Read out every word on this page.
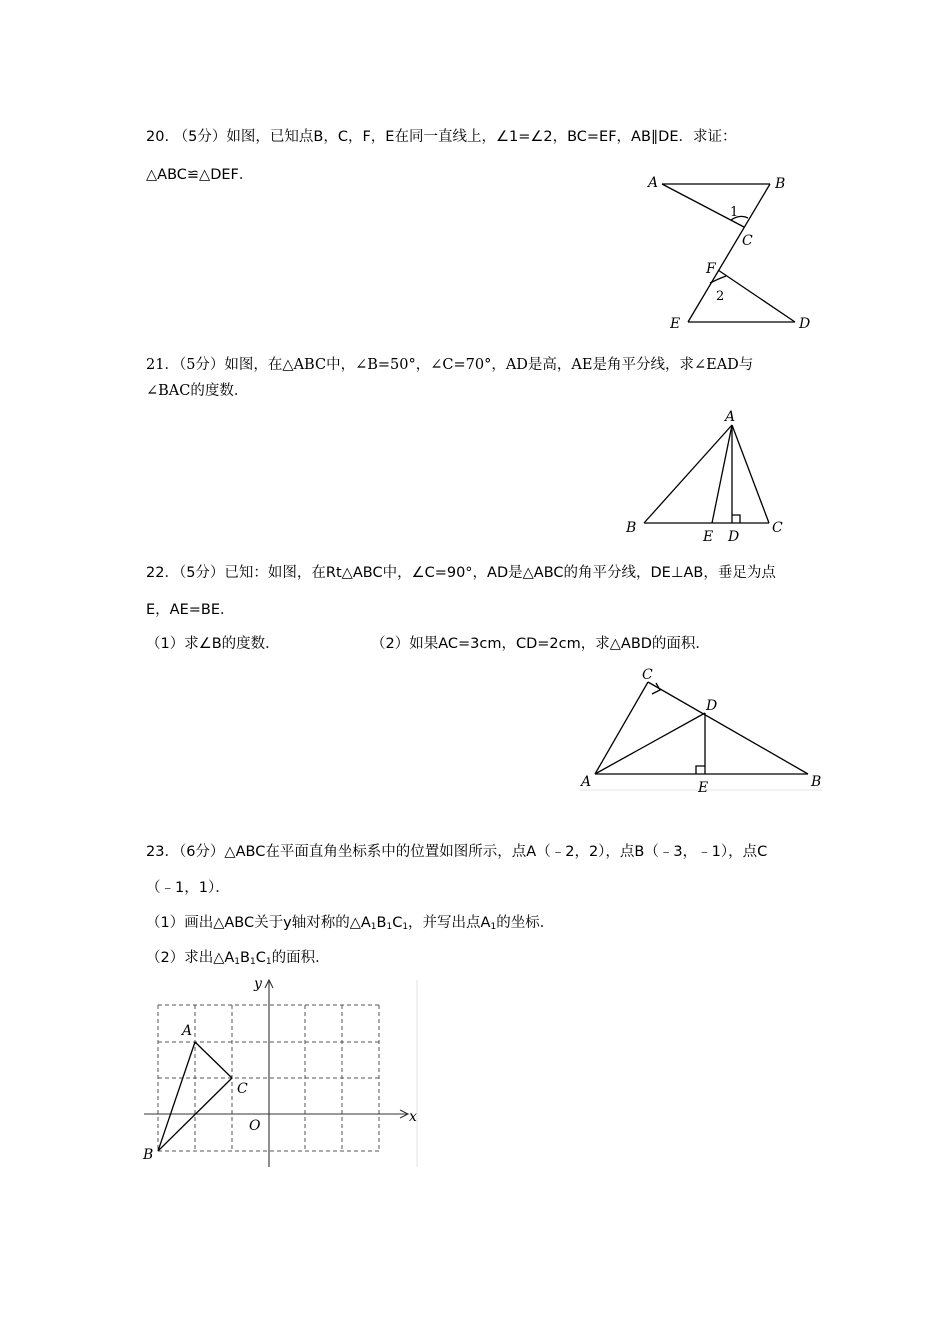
20. （5分）如图，已知点B，C，F，E在同一直线上，∠1=∠2，BC=EF，AB∥DE．求证：
△ABC≌△DEF．	A	B
C
F
E	D
1
2
21．（5分）如图，在△ABC中，∠B=50°，∠C=70°，AD是高，AE是角平分线，求∠EAD与
∠BAC的度数．
A
B
E D
C
22．（5分）已知：如图，在Rt△ABC中，∠C=90°，AD是△ABC的角平分线，DE⊥AB，垂足为点
E，AE=BE．
（1）求∠B的度数．	（2）如果AC=3cm，CD=2cm，求△ABD的面积．
C
D
A	E	B
23．（6分）△ABC在平面直角坐标系中的位置如图所示，点A（﹣2，2），点B（﹣3，﹣1），点C
（﹣1，1）．
（1）画出△ABC关于y轴对称的$\triangle A_1B_1C_1$，并写出点$A_1$的坐标．
（2）求出$\triangle A_1B_1C_1$的面积．
y
x
O
A
B
C
